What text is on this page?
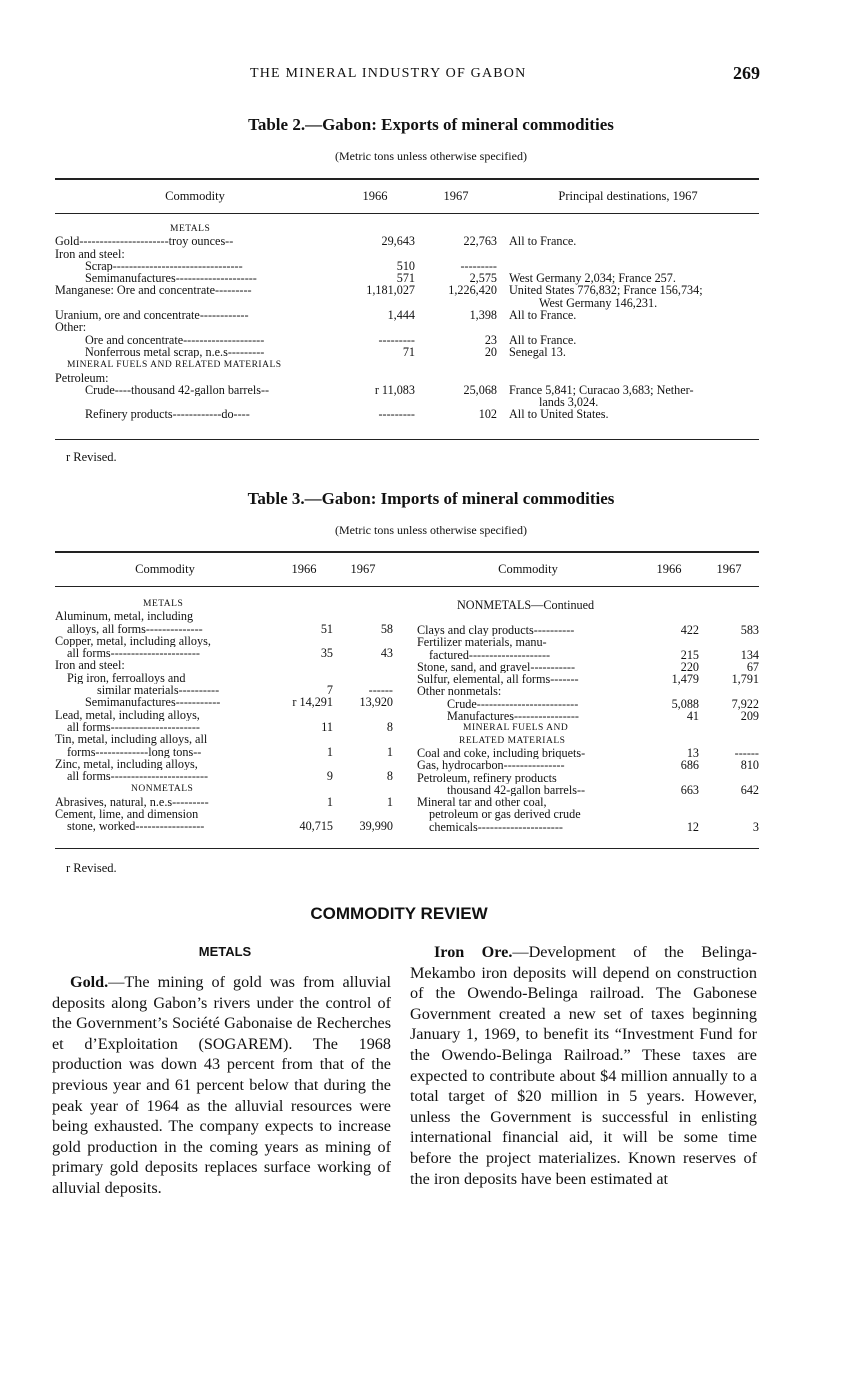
THE MINERAL INDUSTRY OF GABON	269
Table 2.—Gabon: Exports of mineral commodities
(Metric tons unless otherwise specified)
Commodity	1966	1967	Principal destinations, 1967
METALS			
Gold----------------------troy ounces--	29,643	22,763	All to France.
Iron and steel:			
Scrap--------------------------------	510	---------	
Semimanufactures--------------------	571	2,575	West Germany 2,034; France 257.
Manganese: Ore and concentrate---------	1,181,027	1,226,420	United States 776,832; France 156,734;
			West Germany 146,231.
Uranium, ore and concentrate------------	1,444	1,398	All to France.
Other:			
Ore and concentrate--------------------	---------	23	All to France.
Nonferrous metal scrap, n.e.s---------	71	20	Senegal 13.
MINERAL FUELS AND RELATED MATERIALS			
Petroleum:			
Crude----thousand 42-gallon barrels--	r 11,083	25,068	France 5,841; Curacao 3,683; Nether-
			lands 3,024.
Refinery products------------do----	---------	102	All to United States.
r Revised.
Table 3.—Gabon: Imports of mineral commodities
(Metric tons unless otherwise specified)
Commodity	1966	1967		Commodity	1966	1967
METALS		
Aluminum, metal, including		
alloys, all forms--------------	51	58
Copper, metal, including alloys,		
all forms----------------------	35	43
Iron and steel:		
Pig iron, ferroalloys and		
similar materials----------	7	------
Semimanufactures-----------	r 14,291	13,920
Lead, metal, including alloys,		
all forms----------------------	11	8
Tin, metal, including alloys, all		
forms-------------long tons--	1	1
Zinc, metal, including alloys,		
all forms------------------------	9	8
NONMETALS		
Abrasives, natural, n.e.s---------	1	1
Cement, lime, and dimension		
stone, worked-----------------	40,715	39,990
NONMETALS—Continued
Clays and clay products----------	422	583
Fertilizer materials, manu-		
factured--------------------	215	134
Stone, sand, and gravel-----------	220	67
Sulfur, elemental, all forms-------	1,479	1,791
Other nonmetals:		
Crude-------------------------	5,088	7,922
Manufactures----------------	41	209
MINERAL FUELS AND		
RELATED MATERIALS		
Coal and coke, including briquets-	13	------
Gas, hydrocarbon---------------	686	810
Petroleum, refinery products		
thousand 42-gallon barrels--	663	642
Mineral tar and other coal,		
petroleum or gas derived crude		
chemicals---------------------	12	3
r Revised.
COMMODITY REVIEW
METALS
Gold.—The mining of gold was from alluvial deposits along Gabon’s rivers under the control of the Government’s Société Gabonaise de Recherches et d’Exploitation (SOGAREM). The 1968 production was down 43 percent from that of the previous year and 61 percent below that during the peak year of 1964 as the alluvial resources were being exhausted. The company expects to increase gold production in the coming years as mining of primary gold deposits replaces surface working of alluvial deposits.
Iron Ore.—Development of the Belinga-Mekambo iron deposits will depend on construction of the Owendo-Belinga railroad. The Gabonese Government created a new set of taxes beginning January 1, 1969, to benefit its “Investment Fund for the Owendo-Belinga Railroad.” These taxes are expected to contribute about $4 million annually to a total target of $20 million in 5 years. However, unless the Government is successful in enlisting international financial aid, it will be some time before the project materializes. Known reserves of the iron deposits have been estimated at
